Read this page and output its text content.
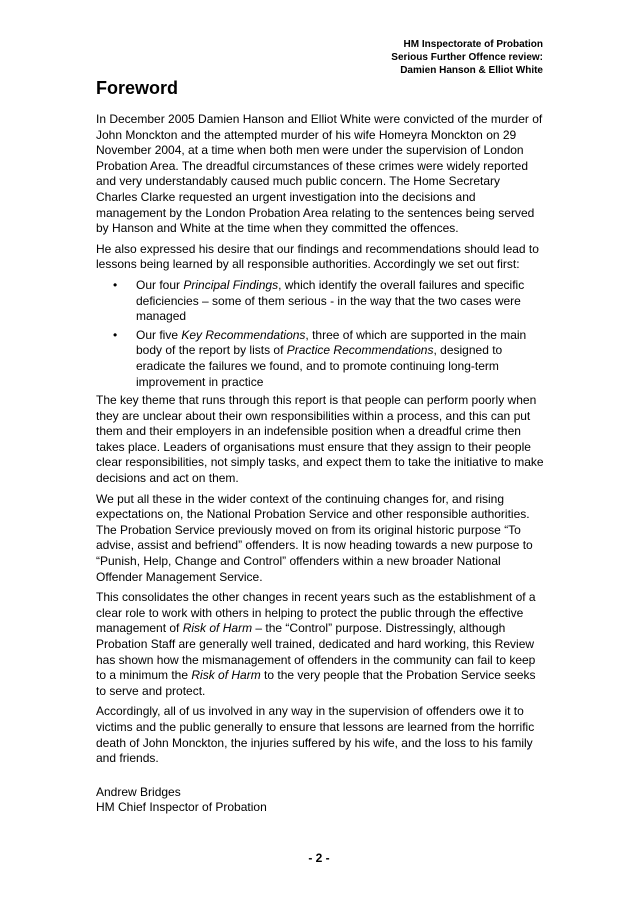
HM Inspectorate of Probation
Serious Further Offence review:
Damien Hanson & Elliot White
Foreword

In December 2005 Damien Hanson and Elliot White were convicted of the murder of John Monckton and the attempted murder of his wife Homeyra Monckton on 29 November 2004, at a time when both men were under the supervision of London Probation Area. The dreadful circumstances of these crimes were widely reported and very understandably caused much public concern. The Home Secretary Charles Clarke requested an urgent investigation into the decisions and management by the London Probation Area relating to the sentences being served by Hanson and White at the time when they committed the offences.

He also expressed his desire that our findings and recommendations should lead to lessons being learned by all responsible authorities. Accordingly we set out first:

• Our four Principal Findings, which identify the overall failures and specific deficiencies – some of them serious - in the way that the two cases were managed
• Our five Key Recommendations, three of which are supported in the main body of the report by lists of Practice Recommendations, designed to eradicate the failures we found, and to promote continuing long-term improvement in practice

The key theme that runs through this report is that people can perform poorly when they are unclear about their own responsibilities within a process, and this can put them and their employers in an indefensible position when a dreadful crime then takes place. Leaders of organisations must ensure that they assign to their people clear responsibilities, not simply tasks, and expect them to take the initiative to make decisions and act on them.

We put all these in the wider context of the continuing changes for, and rising expectations on, the National Probation Service and other responsible authorities. The Probation Service previously moved on from its original historic purpose “To advise, assist and befriend” offenders. It is now heading towards a new purpose to “Punish, Help, Change and Control” offenders within a new broader National Offender Management Service.

This consolidates the other changes in recent years such as the establishment of a clear role to work with others in helping to protect the public through the effective management of Risk of Harm – the “Control” purpose. Distressingly, although Probation Staff are generally well trained, dedicated and hard working, this Review has shown how the mismanagement of offenders in the community can fail to keep to a minimum the Risk of Harm to the very people that the Probation Service seeks to serve and protect.

Accordingly, all of us involved in any way in the supervision of offenders owe it to victims and the public generally to ensure that lessons are learned from the horrific death of John Monckton, the injuries suffered by his wife, and the loss to his family and friends.

Andrew Bridges
HM Chief Inspector of Probation
- 2 -
